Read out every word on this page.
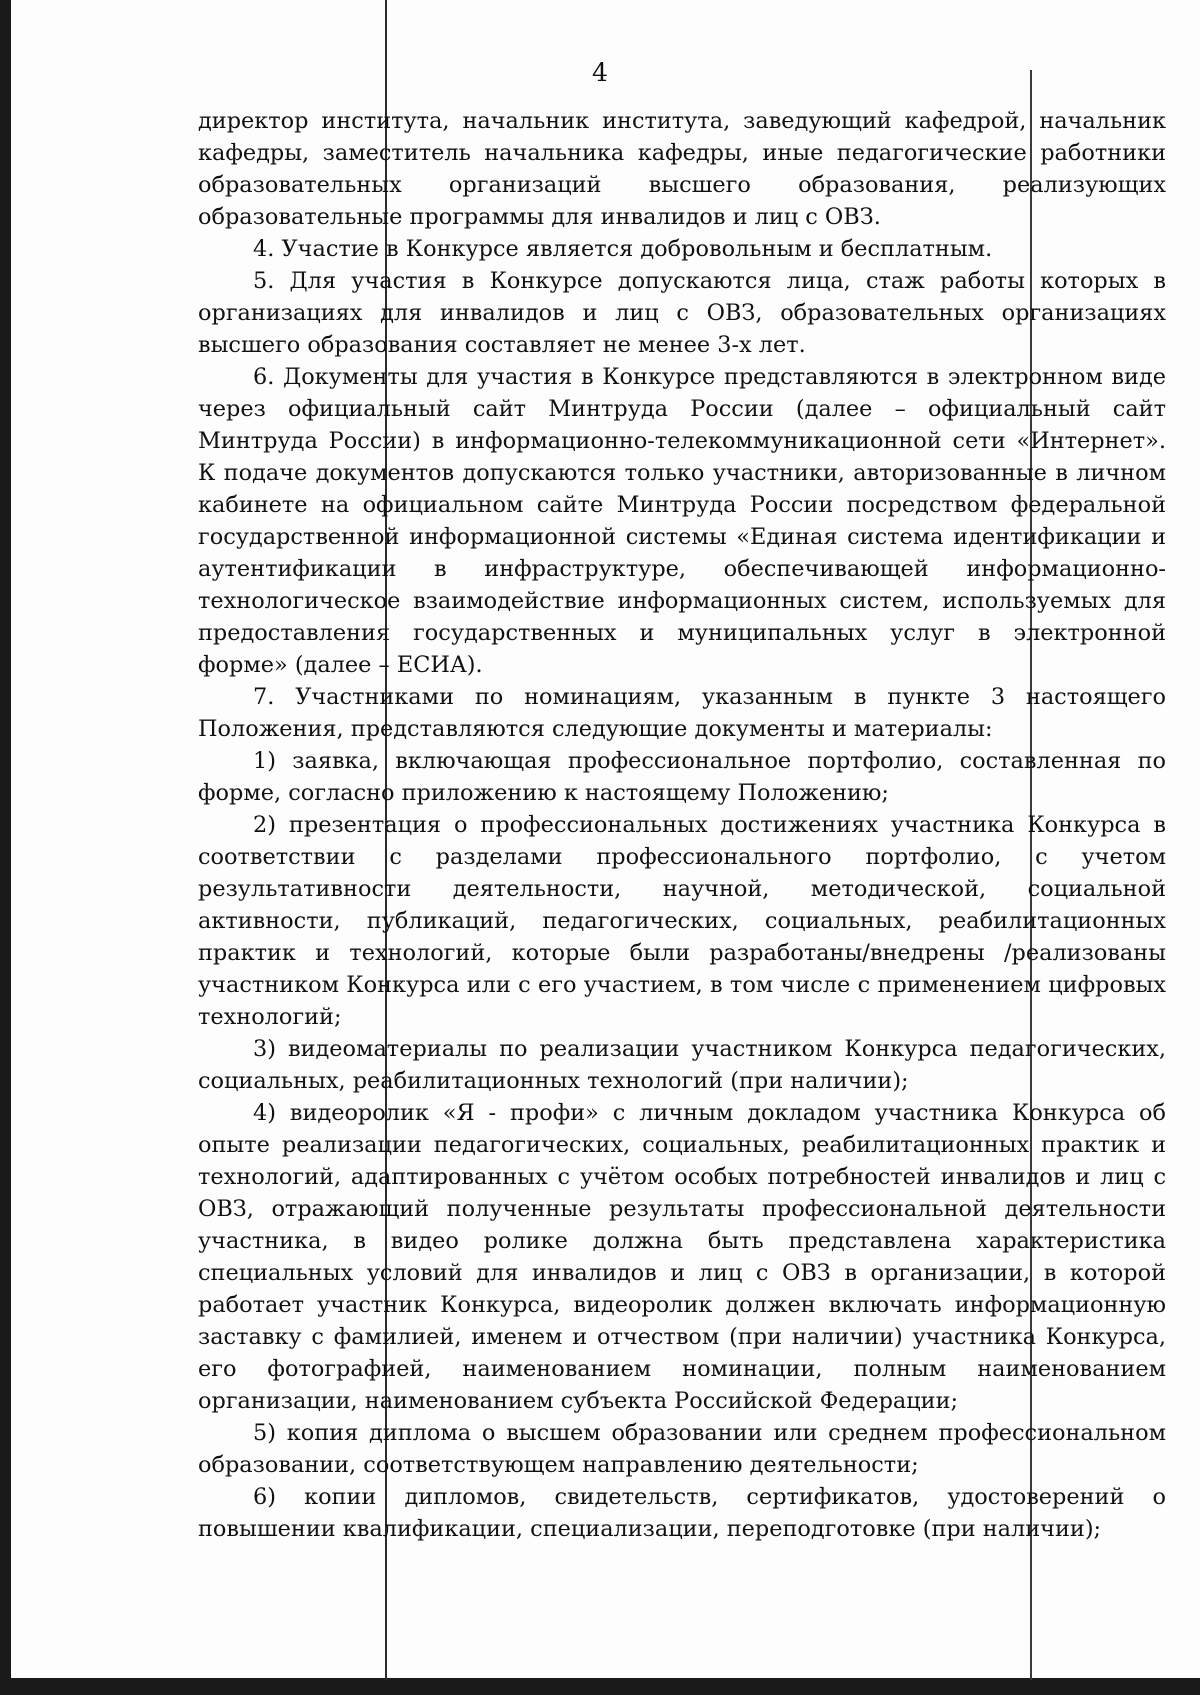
4

директор института, начальник института, заведующий кафедрой, начальник кафедры, заместитель начальника кафедры, иные педагогические работники образовательных организаций высшего образования, реализующих образовательные программы для инвалидов и лиц с ОВЗ.

4. Участие в Конкурсе является добровольным и бесплатным.

5. Для участия в Конкурсе допускаются лица, стаж работы которых в организациях для инвалидов и лиц с ОВЗ, образовательных организациях высшего образования составляет не менее 3-х лет.

6. Документы для участия в Конкурсе представляются в электронном виде через официальный сайт Минтруда России (далее – официальный сайт Минтруда России) в информационно-телекоммуникационной сети «Интернет». К подаче документов допускаются только участники, авторизованные в личном кабинете на официальном сайте Минтруда России посредством федеральной государственной информационной системы «Единая система идентификации и аутентификации в инфраструктуре, обеспечивающей информационно-технологическое взаимодействие информационных систем, используемых для предоставления государственных и муниципальных услуг в электронной форме» (далее – ЕСИА).

7. Участниками по номинациям, указанным в пункте 3 настоящего Положения, представляются следующие документы и материалы:

1) заявка, включающая профессиональное портфолио, составленная по форме, согласно приложению к настоящему Положению;

2) презентация о профессиональных достижениях участника Конкурса в соответствии с разделами профессионального портфолио, с учетом результативности деятельности, научной, методической, социальной активности, публикаций, педагогических, социальных, реабилитационных практик и технологий, которые были разработаны/внедрены /реализованы участником Конкурса или с его участием, в том числе с применением цифровых технологий;

3) видеоматериалы по реализации участником Конкурса педагогических, социальных, реабилитационных технологий (при наличии);

4) видеоролик «Я - профи» с личным докладом участника Конкурса об опыте реализации педагогических, социальных, реабилитационных практик и технологий, адаптированных с учётом особых потребностей инвалидов и лиц с ОВЗ, отражающий полученные результаты профессиональной деятельности участника, в видео ролике должна быть представлена характеристика специальных условий для инвалидов и лиц с ОВЗ в организации, в которой работает участник Конкурса, видеоролик должен включать информационную заставку с фамилией, именем и отчеством (при наличии) участника Конкурса, его фотографией, наименованием номинации, полным наименованием организации, наименованием субъекта Российской Федерации;

5) копия диплома о высшем образовании или среднем профессиональном образовании, соответствующем направлению деятельности;

6) копии дипломов, свидетельств, сертификатов, удостоверений о повышении квалификации, специализации, переподготовке (при наличии);
